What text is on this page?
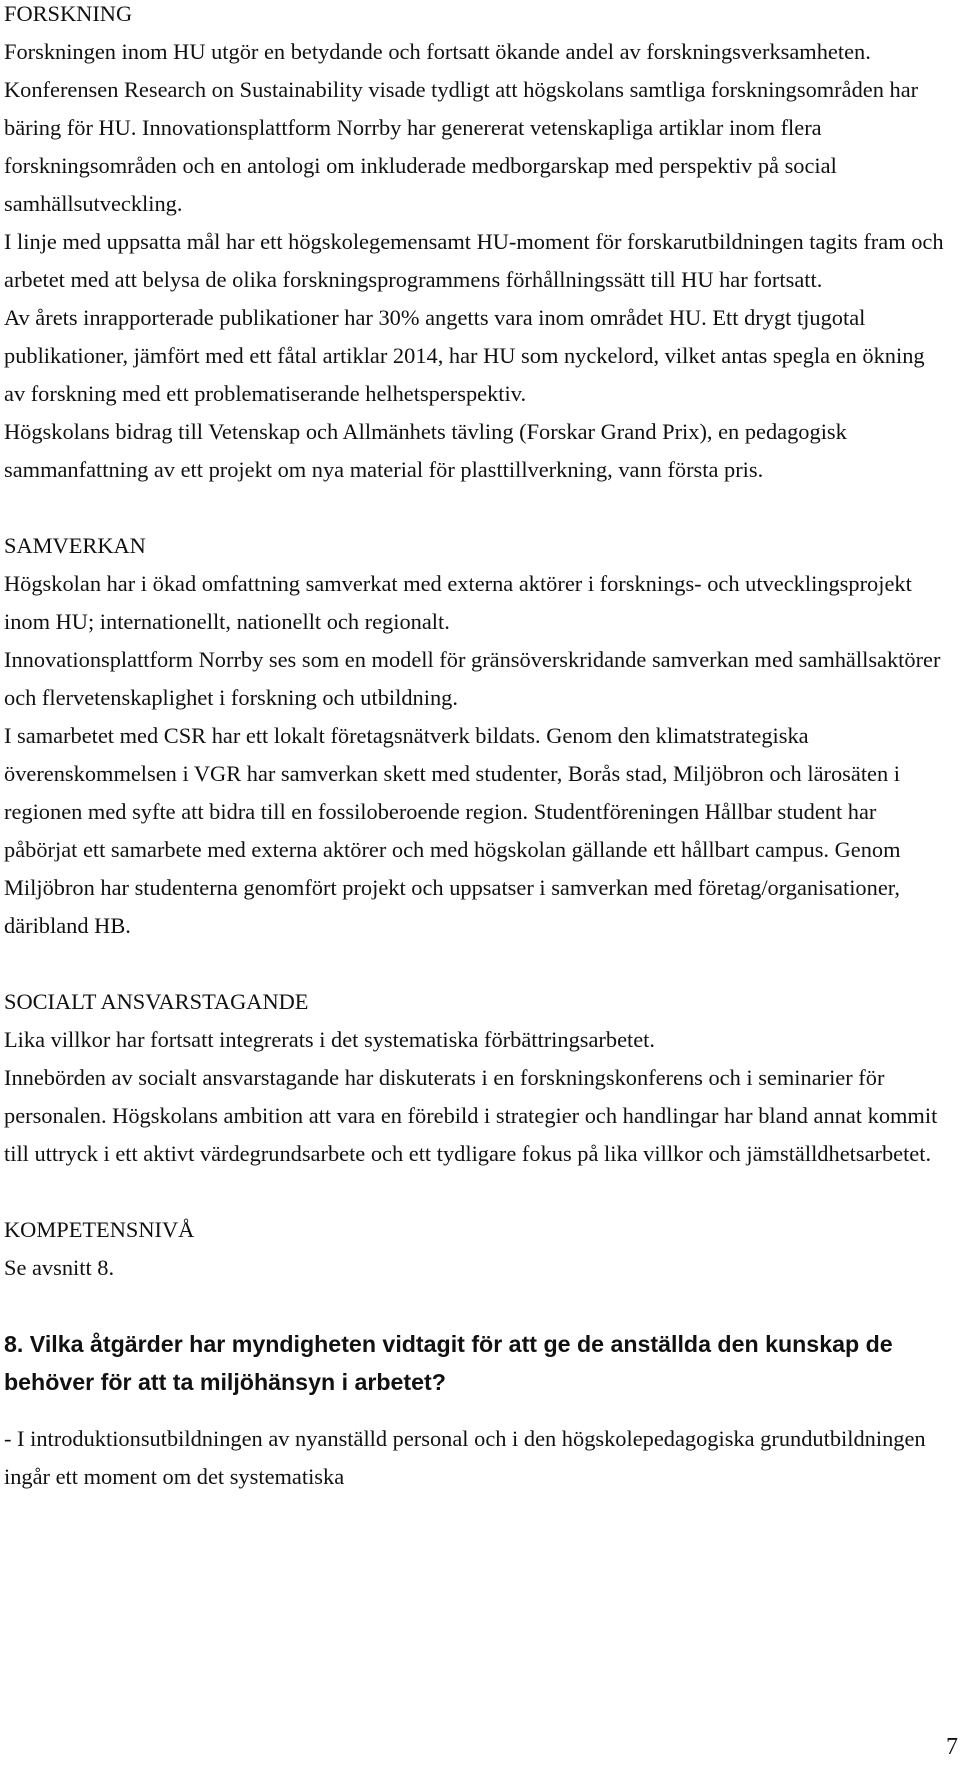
FORSKNING

Forskningen inom HU utgör en betydande och fortsatt ökande andel av forskningsverksamheten. Konferensen Research on Sustainability visade tydligt att högskolans samtliga forskningsområden har bäring för HU. Innovationsplattform Norrby har genererat vetenskapliga artiklar inom flera forskningsområden och en antologi om inkluderade medborgarskap med perspektiv på social samhällsutveckling.

I linje med uppsatta mål har ett högskolegemensamt HU-moment för forskarutbildningen tagits fram och arbetet med att belysa de olika forskningsprogrammens förhållningssätt till HU har fortsatt.

Av årets inrapporterade publikationer har 30% angetts vara inom området HU. Ett drygt tjugotal publikationer, jämfört med ett fåtal artiklar 2014, har HU som nyckelord, vilket antas spegla en ökning av forskning med ett problematiserande helhetsperspektiv.

Högskolans bidrag till Vetenskap och Allmänhets tävling (Forskar Grand Prix), en pedagogisk sammanfattning av ett projekt om nya material för plasttillverkning, vann första pris.

SAMVERKAN

Högskolan har i ökad omfattning samverkat med externa aktörer i forsknings- och utvecklingsprojekt inom HU; internationellt, nationellt och regionalt.

Innovationsplattform Norrby ses som en modell för gränsöverskridande samverkan med samhällsaktörer och flervetenskaplighet i forskning och utbildning.

I samarbetet med CSR har ett lokalt företagsnätverk bildats. Genom den klimatstrategiska överenskommelsen i VGR har samverkan skett med studenter, Borås stad, Miljöbron och lärosäten i regionen med syfte att bidra till en fossiloberoende region. Studentföreningen Hållbar student har påbörjat ett samarbete med externa aktörer och med högskolan gällande ett hållbart campus. Genom Miljöbron har studenterna genomfört projekt och uppsatser i samverkan med företag/organisationer, däribland HB.

SOCIALT ANSVARSTAGANDE

Lika villkor har fortsatt integrerats i det systematiska förbättringsarbetet.

Innebörden av socialt ansvarstagande har diskuterats i en forskningskonferens och i seminarier för personalen. Högskolans ambition att vara en förebild i strategier och handlingar har bland annat kommit till uttryck i ett aktivt värdegrundsarbete och ett tydligare fokus på lika villkor och jämställdhetsarbetet.

KOMPETENSNIVÅ

Se avsnitt 8.

8. Vilka åtgärder har myndigheten vidtagit för att ge de anställda den kunskap de behöver för att ta miljöhänsyn i arbetet?

- I introduktionsutbildningen av nyanställd personal och i den högskolepedagogiska grundutbildningen ingår ett moment om det systematiska

7
